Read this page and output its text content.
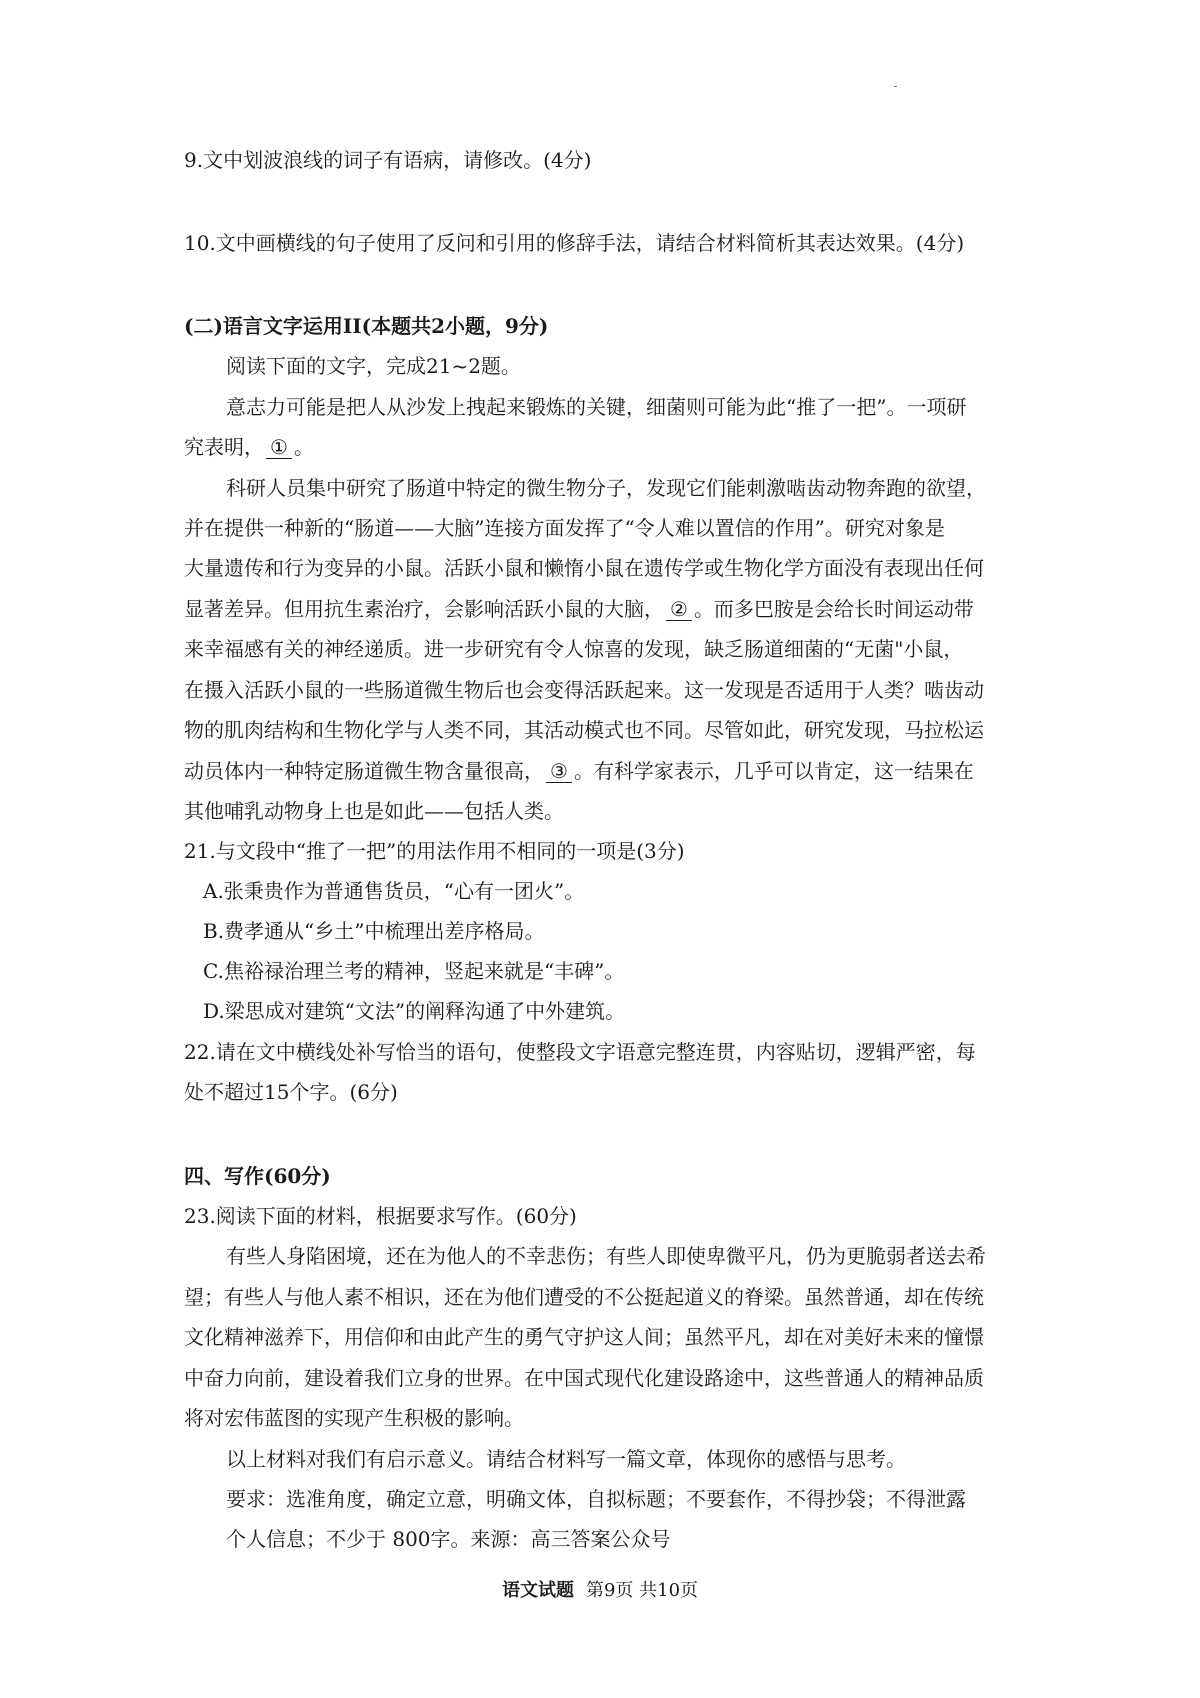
9.文中划波浪线的词子有语病，请修改。(4分)
10.文中画横线的句子使用了反问和引用的修辞手法，请结合材料简析其表达效果。(4分)
(二)语言文字运用II(本题共2小题，9分)
阅读下面的文字，完成21~2题。
意志力可能是把人从沙发上拽起来锻炼的关键，细菌则可能为此“推了一把”。一项研
究表明， ① 。
科研人员集中研究了肠道中特定的微生物分子，发现它们能刺激啮齿动物奔跑的欲望，
并在提供一种新的“肠道——大脑”连接方面发挥了“令人难以置信的作用”。研究对象是
大量遗传和行为变异的小鼠。活跃小鼠和懒惰小鼠在遗传学或生物化学方面没有表现出任何
显著差异。但用抗生素治疗，会影响活跃小鼠的大脑， ② 。而多巴胺是会给长时间运动带
来幸福感有关的神经递质。进一步研究有令人惊喜的发现，缺乏肠道细菌的“无菌"小鼠，
在摄入活跃小鼠的一些肠道微生物后也会变得活跃起来。这一发现是否适用于人类？啮齿动
物的肌肉结构和生物化学与人类不同，其活动模式也不同。尽管如此，研究发现，马拉松运
动员体内一种特定肠道微生物含量很高， ③ 。有科学家表示，几乎可以肯定，这一结果在
其他哺乳动物身上也是如此——包括人类。
21.与文段中“推了一把”的用法作用不相同的一项是(3分)
A.张秉贵作为普通售货员，“心有一团火”。
B.费孝通从“乡土”中梳理出差序格局。
C.焦裕禄治理兰考的精神，竖起来就是“丰碑”。
D.梁思成对建筑“文法”的阐释沟通了中外建筑。
22.请在文中横线处补写恰当的语句，使整段文字语意完整连贯，内容贴切，逻辑严密，每
处不超过15个字。(6分)
四、写作(60分)
23.阅读下面的材料，根据要求写作。(60分)
有些人身陷困境，还在为他人的不幸悲伤；有些人即使卑微平凡，仍为更脆弱者送去希
望；有些人与他人素不相识，还在为他们遭受的不公挺起道义的脊梁。虽然普通，却在传统
文化精神滋养下，用信仰和由此产生的勇气守护这人间；虽然平凡，却在对美好未来的憧憬
中奋力向前，建设着我们立身的世界。在中国式现代化建设路途中，这些普通人的精神品质
将对宏伟蓝图的实现产生积极的影响。
以上材料对我们有启示意义。请结合材料写一篇文章，体现你的感悟与思考。
要求：选准角度，确定立意，明确文体，自拟标题；不要套作，不得抄袋；不得泄露
个人信息；不少于 800字。来源：高三答案公众号
语文试题 第9页 共10页
